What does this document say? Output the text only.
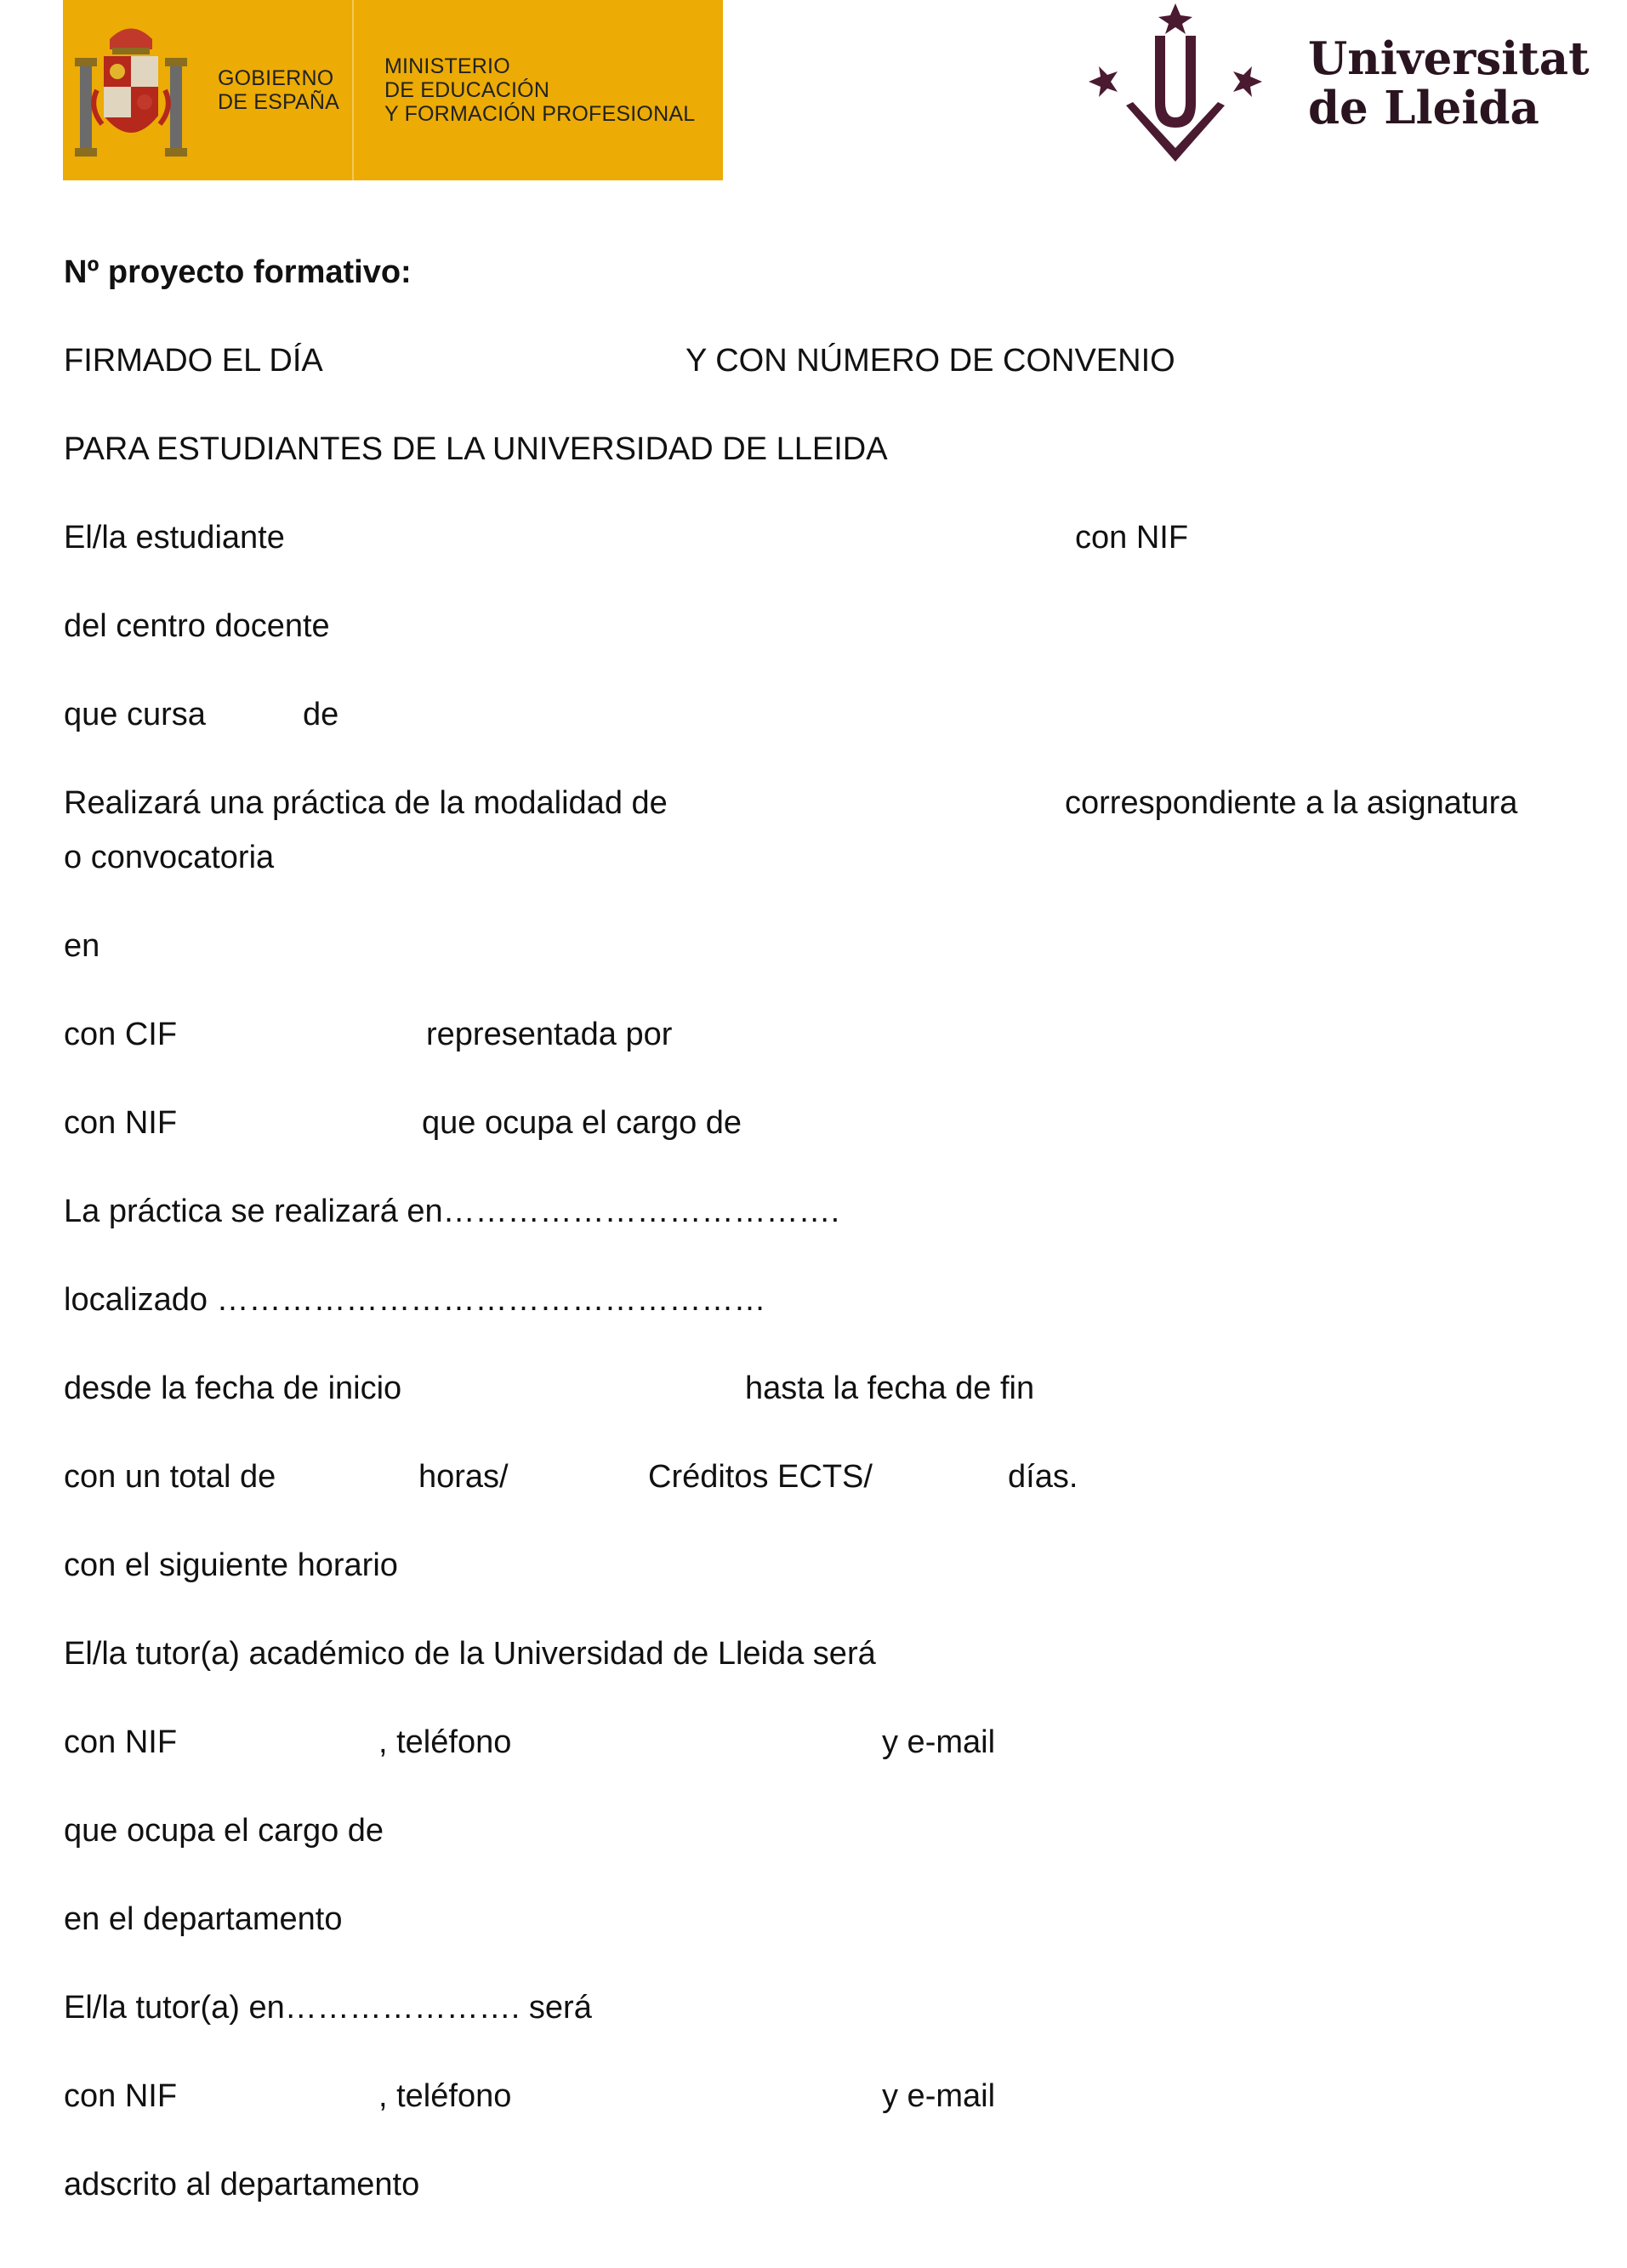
GOBIERNO
DE ESPAÑA
MINISTERIO
DE EDUCACIÓN
Y FORMACIÓN PROFESIONAL
Universitat
de Lleida
Nº proyecto formativo:
FIRMADO EL DÍA	Y CON NÚMERO DE CONVENIO
PARA ESTUDIANTES DE LA UNIVERSIDAD DE LLEIDA
El/la estudiante	con NIF
del centro docente
que cursa	de
Realizará una práctica de la modalidad de	correspondiente a la asignatura
o convocatoria
en
con CIF	representada por
con NIF	que ocupa el cargo de
La práctica se realizará en……………………………….
localizado ……………………………………………
desde la fecha de inicio	hasta la fecha de fin
con un total de	horas/	Créditos ECTS/	días.
con el siguiente horario
El/la tutor(a) académico de la Universidad de Lleida será
con NIF	, teléfono	y e-mail
que ocupa el cargo de
en el departamento
El/la tutor(a) en…………………. será
con NIF	, teléfono	y e-mail
adscrito al departamento
